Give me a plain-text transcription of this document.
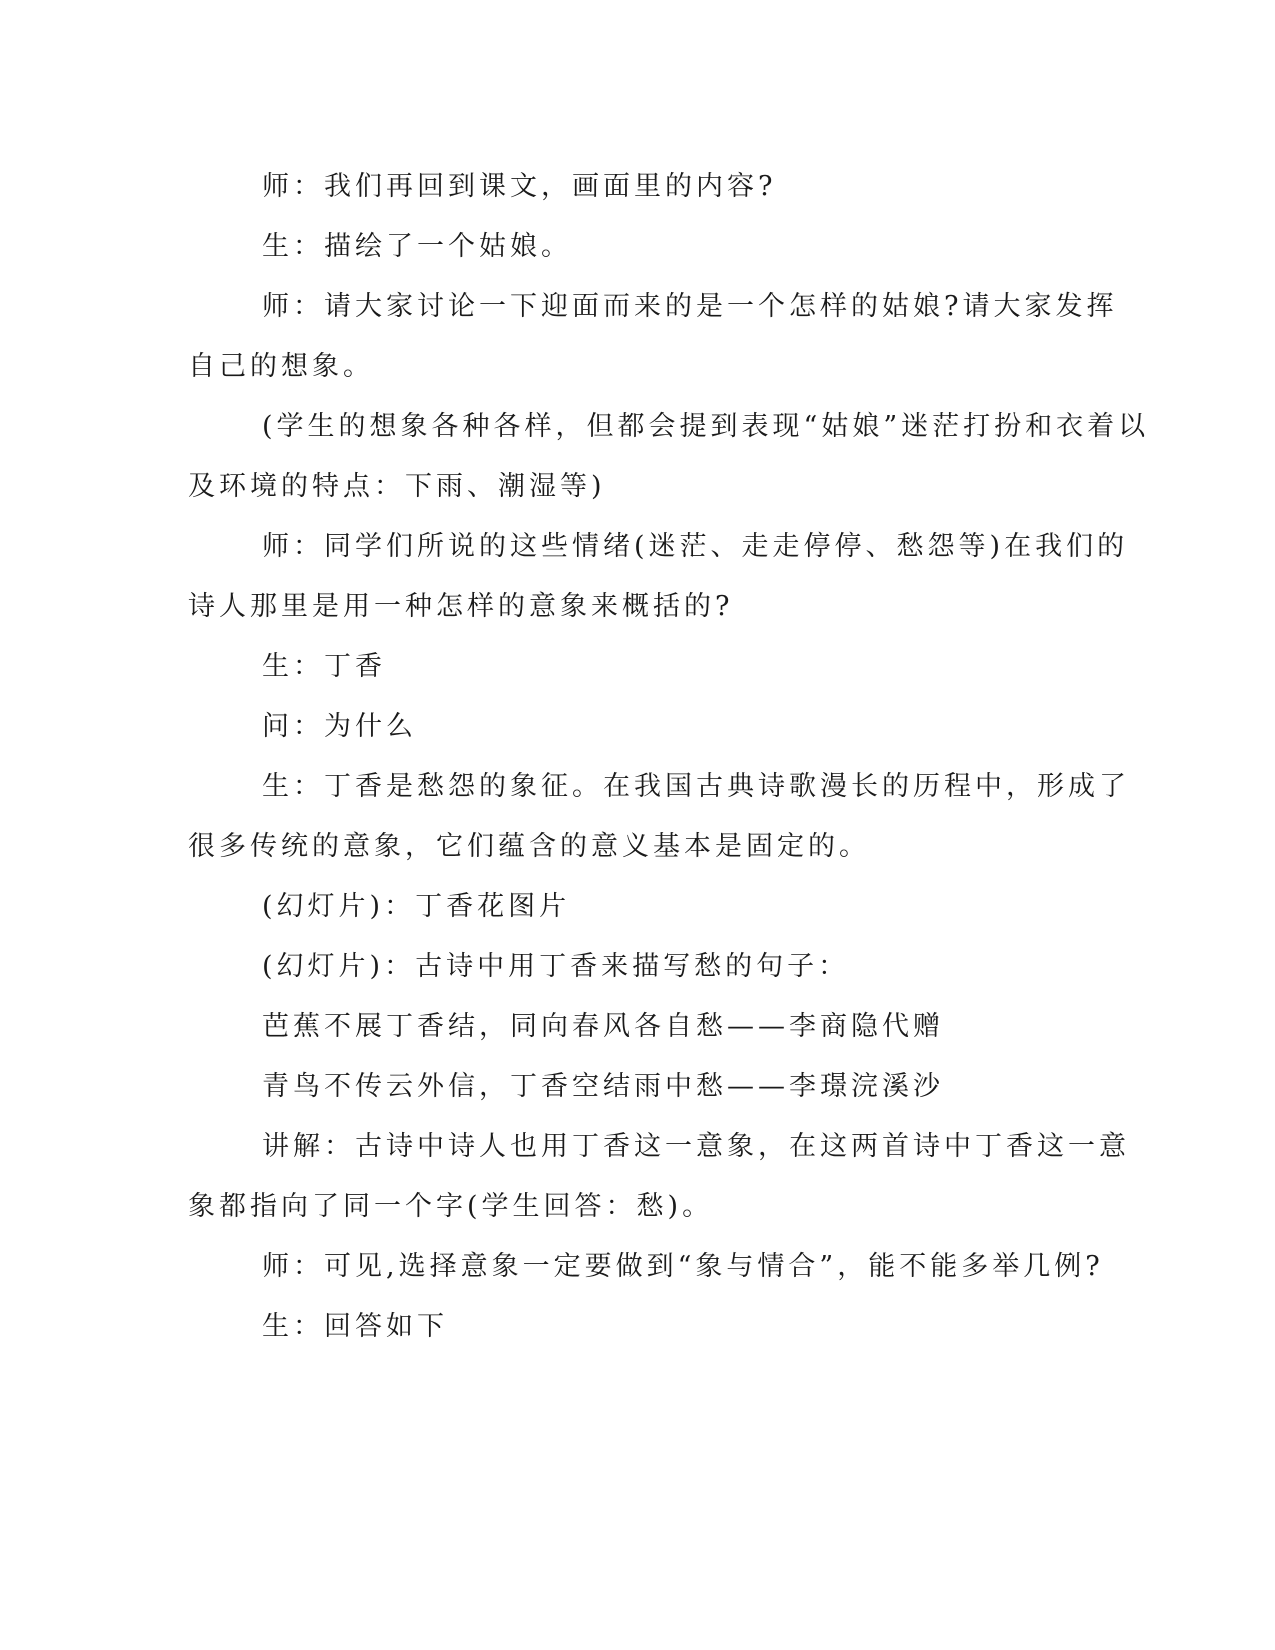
师：我们再回到课文，画面里的内容?
生：描绘了一个姑娘。
师：请大家讨论一下迎面而来的是一个怎样的姑娘?请大家发挥
自己的想象。
(学生的想象各种各样，但都会提到表现“姑娘”迷茫打扮和衣着以
及环境的特点：下雨、潮湿等)
师：同学们所说的这些情绪(迷茫、走走停停、愁怨等)在我们的
诗人那里是用一种怎样的意象来概括的?
生：丁香
问：为什么
生：丁香是愁怨的象征。在我国古典诗歌漫长的历程中，形成了
很多传统的意象，它们蕴含的意义基本是固定的。
(幻灯片)：丁香花图片
(幻灯片)：古诗中用丁香来描写愁的句子：
芭蕉不展丁香结，同向春风各自愁——李商隐代赠
青鸟不传云外信，丁香空结雨中愁——李璟浣溪沙
讲解：古诗中诗人也用丁香这一意象，在这两首诗中丁香这一意
象都指向了同一个字(学生回答：愁)。
师：可见,选择意象一定要做到“象与情合”，能不能多举几例?
生：回答如下
